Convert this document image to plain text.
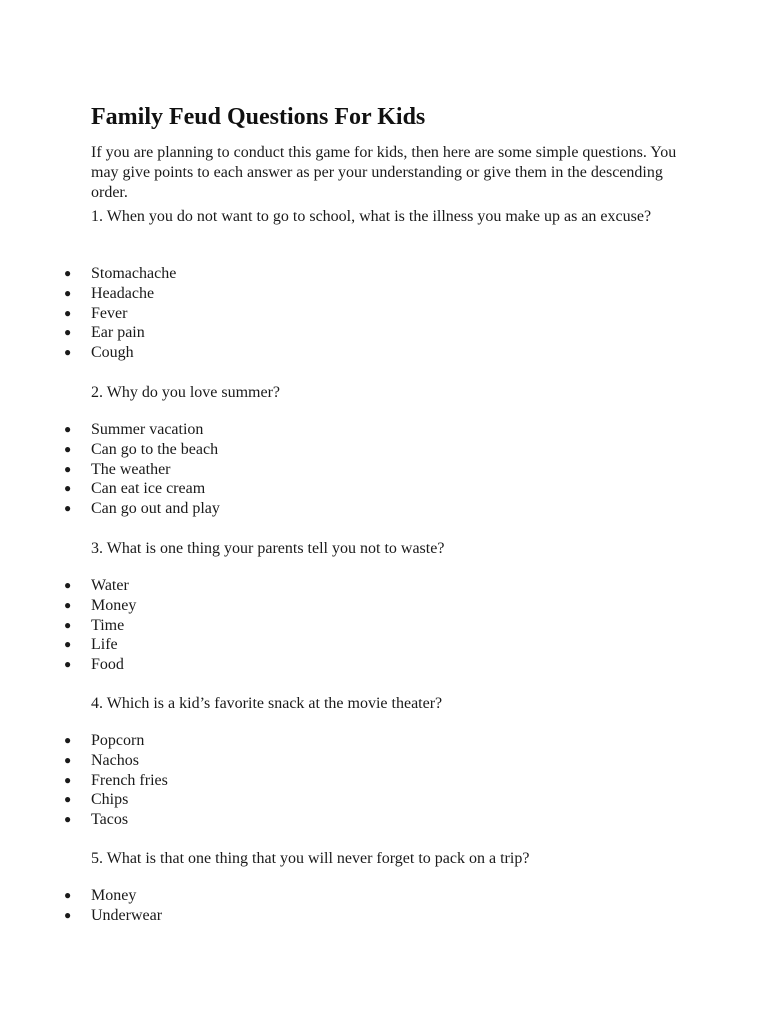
Family Feud Questions For Kids

If you are planning to conduct this game for kids, then here are some simple questions. You may give points to each answer as per your understanding or give them in the descending order.

1. When you do not want to go to school, what is the illness you make up as an excuse?

● Stomachache
● Headache
● Fever
● Ear pain
● Cough

2. Why do you love summer?

● Summer vacation
● Can go to the beach
● The weather
● Can eat ice cream
● Can go out and play

3. What is one thing your parents tell you not to waste?

● Water
● Money
● Time
● Life
● Food

4. Which is a kid’s favorite snack at the movie theater?

● Popcorn
● Nachos
● French fries
● Chips
● Tacos

5. What is that one thing that you will never forget to pack on a trip?

● Money
● Underwear
